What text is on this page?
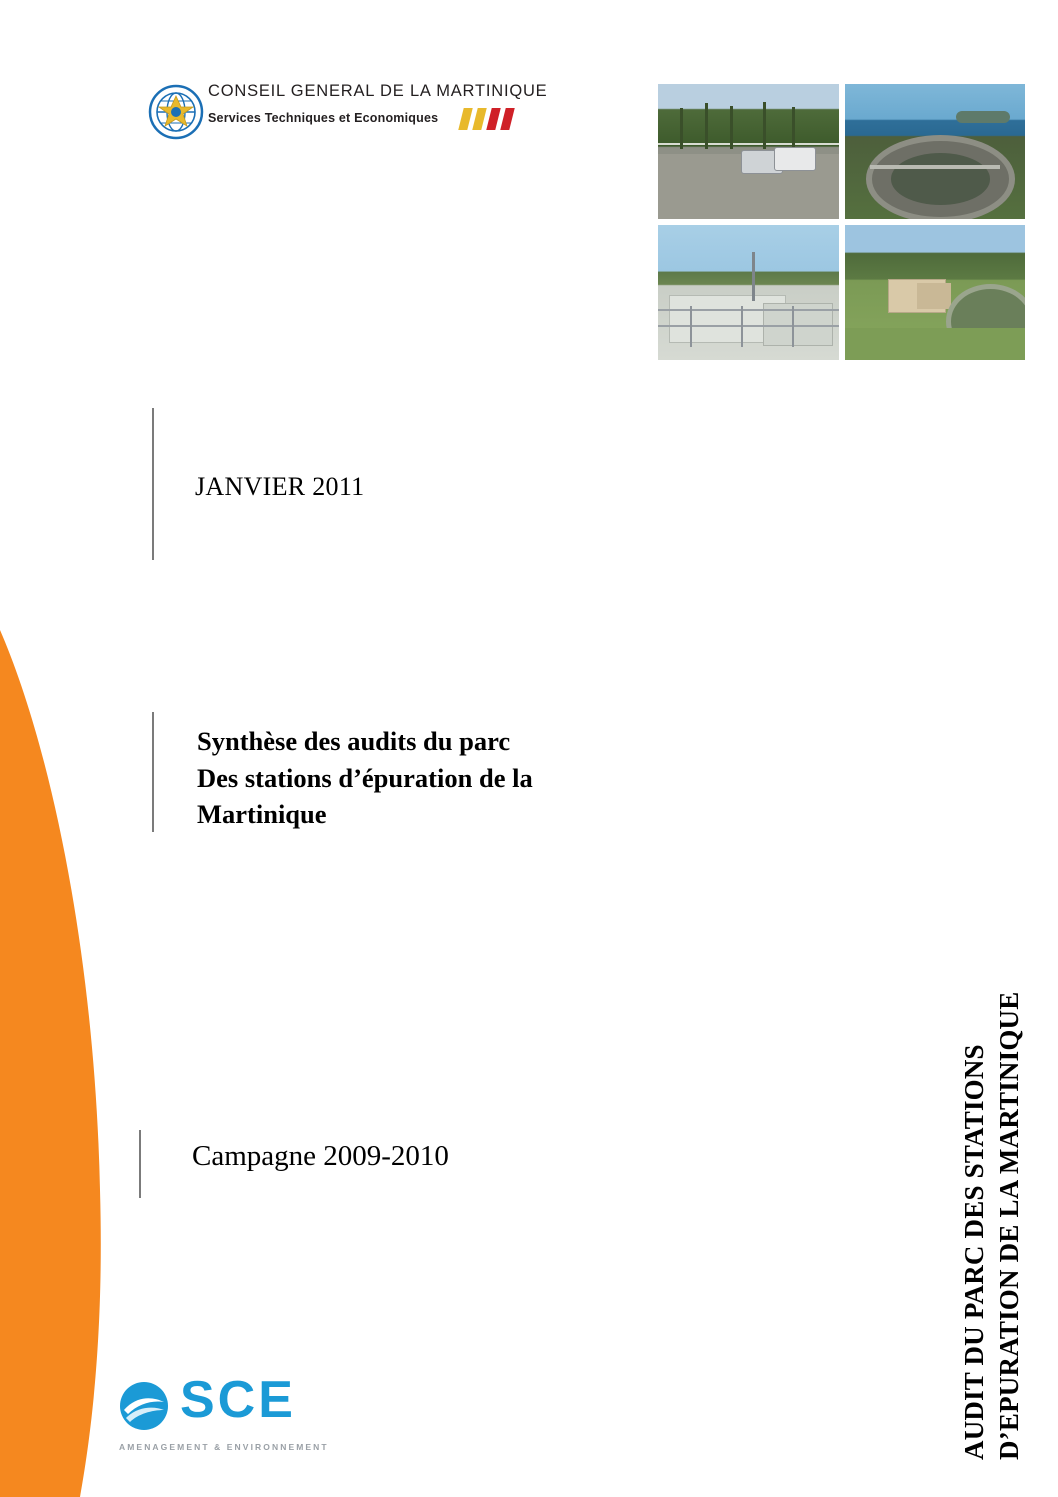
CONSEIL GENERAL DE LA MARTINIQUE
Services Techniques et Economiques
JANVIER 2011
Synthèse des audits du parc
Des stations d’épuration de la
Martinique
Campagne 2009-2010	AUDIT DU PARC DES STATIONS D’EPURATION DE LA MARTINIQUE
SCE
AMENAGEMENT & ENVIRONNEMENT
